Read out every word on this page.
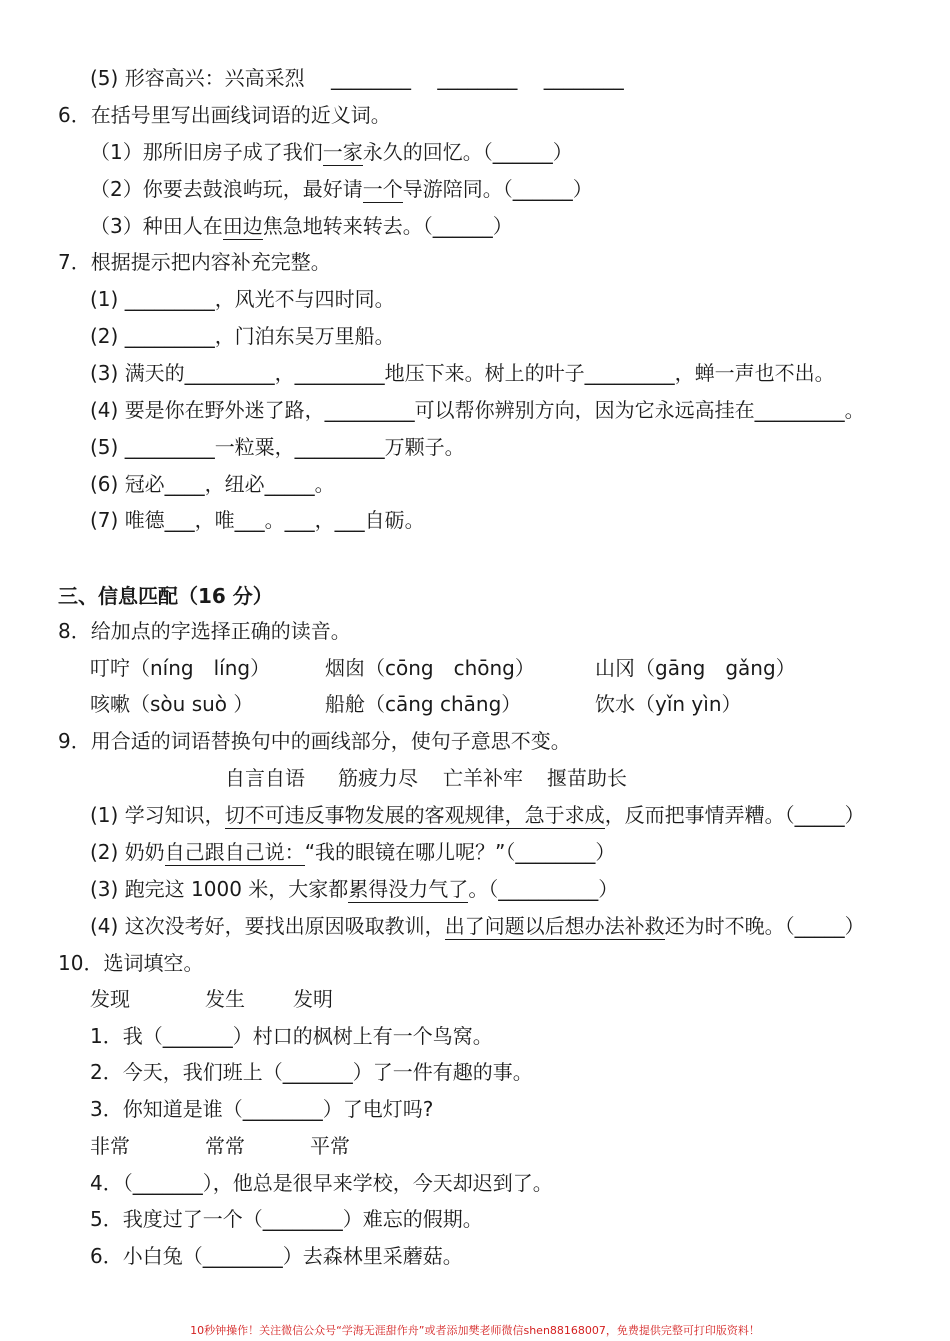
(5) 形容高兴：兴高采烈　 ________　 ________　 ________
6．在括号里写出画线词语的近义词。
（1）那所旧房子成了我们一家永久的回忆。（______）
（2）你要去鼓浪屿玩，最好请一个导游陪同。（______）
（3）种田人在田边焦急地转来转去。（______）
7．根据提示把内容补充完整。
(1) _________，风光不与四时同。
(2) _________，门泊东吴万里船。
(3) 满天的_________，_________地压下来。树上的叶子_________，蝉一声也不出。
(4) 要是你在野外迷了路，_________可以帮你辨别方向，因为它永远高挂在_________。
(5) _________一粒粟，_________万颗子。
(6) 冠必____，纽必_____。
(7) 唯德___，唯___。___，___自砺。
三、信息匹配（16 分）
8．给加点的字选择正确的读音。
叮咛（níng　líng）	烟囱（cōng　chōng）	山冈（gāng　gǎng）
咳嗽（sòu suò ）	船舱（cāng chāng）	饮水（yǐn yìn）
9．用合适的词语替换句中的画线部分，使句子意思不变。
自言自语 筋疲力尽 亡羊补牢 揠苗助长
(1) 学习知识，切不可违反事物发展的客观规律，急于求成，反而把事情弄糟。（_____）
(2) 奶奶自己跟自己说：“我的眼镜在哪儿呢？”（________）
(3) 跑完这 1000 米，大家都累得没力气了。（__________）
(4) 这次没考好，要找出原因吸取教训，出了问题以后想办法补救还为时不晚。（_____）
10．选词填空。
发现	发生 发明
1．我（_______）村口的枫树上有一个鸟窝。
2．今天，我们班上（_______）了一件有趣的事。
3．你知道是谁（________）了电灯吗?
非常	常常	平常
4．（_______），他总是很早来学校，今天却迟到了。
5．我度过了一个（________）难忘的假期。
6．小白兔（________）去森林里采蘑菇。
10秒钟操作！关注微信公众号“学海无涯甜作舟”或者添加樊老师微信shen88168007，免费提供完整可打印版资料！
